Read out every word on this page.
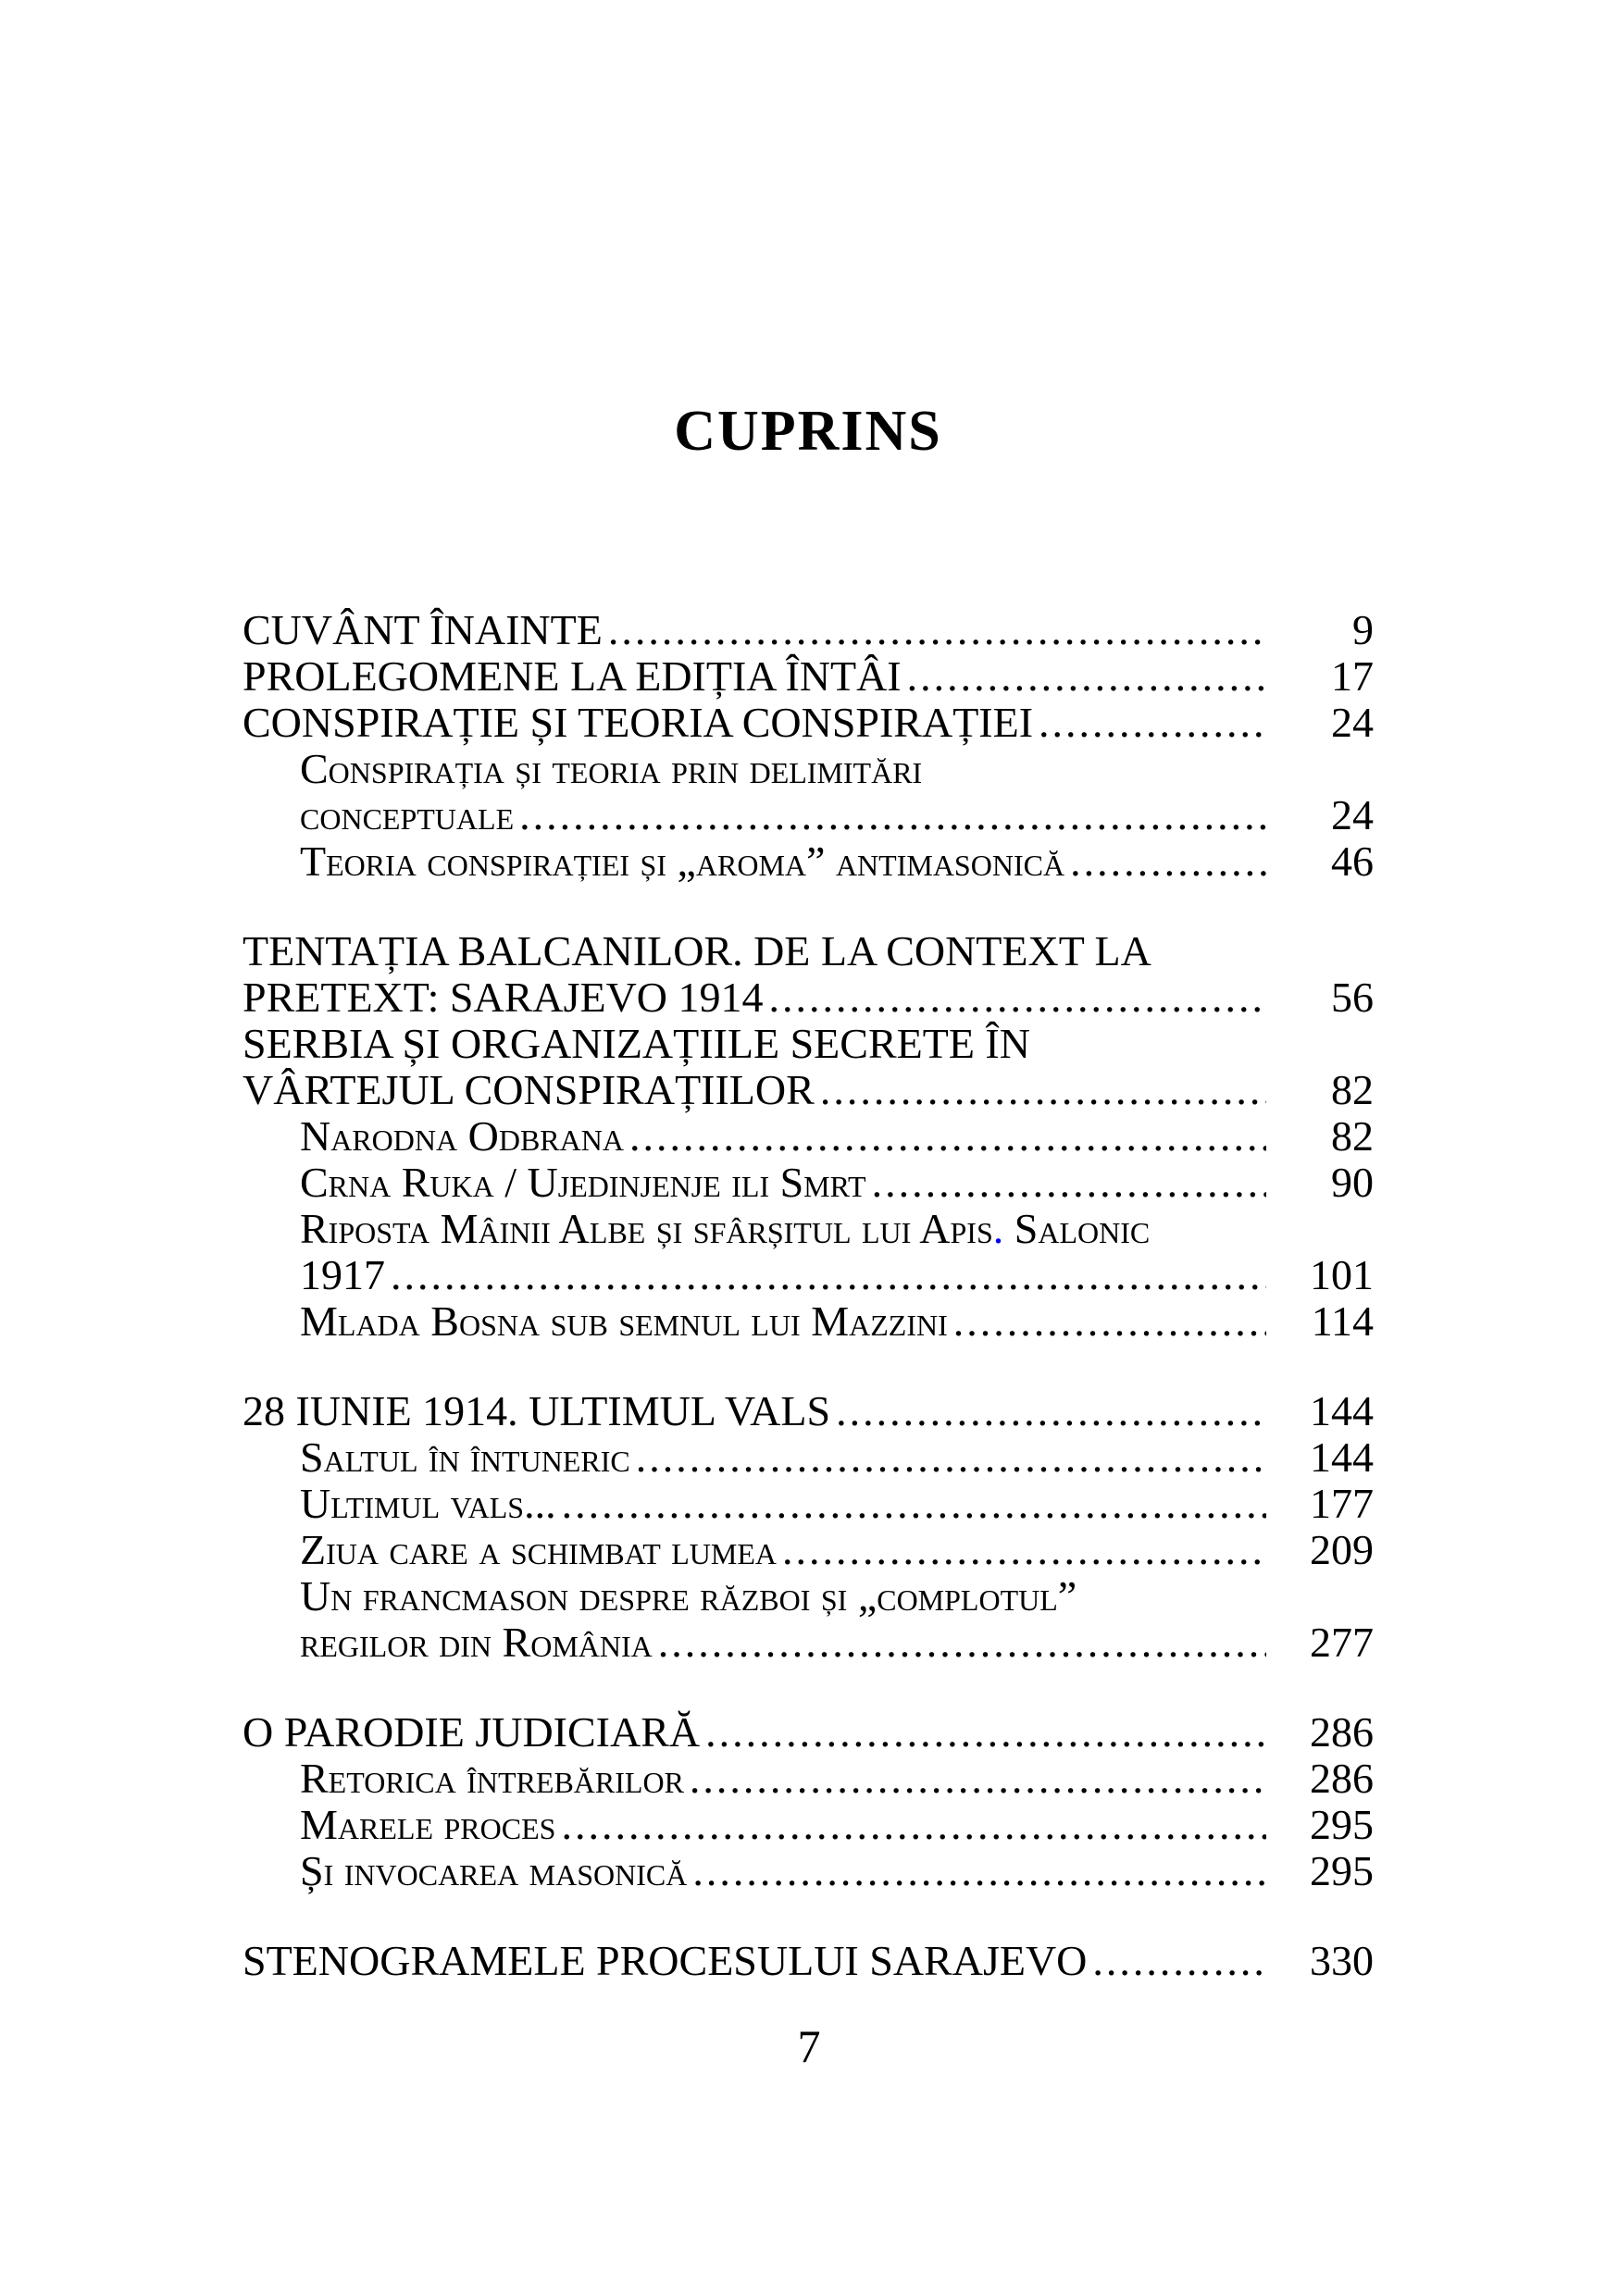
CUPRINS
CUVÂNT ÎNAINTE .....	9
PROLEGOMENE LA EDIȚIA ÎNTÂI .....	17
CONSPIRAȚIE ȘI TEORIA CONSPIRAȚIEI .....	24
Conspirația și teoria prin delimitări
conceptuale .....	24
Teoria conspirației și „aroma” antimasonică .....	46
TENTAȚIA BALCANILOR. DE LA CONTEXT LA
PRETEXT: SARAJEVO 1914 .....	56
SERBIA ȘI ORGANIZAȚIILE SECRETE ÎN
VÂRTEJUL CONSPIRAȚIILOR .....	82
Narodna Odbrana .....	82
Crna Ruka / Ujedinjenje ili Smrt .....	90
Riposta Mâinii Albe și sfârșitul lui Apis. Salonic
1917 .....	101
Mlada Bosna sub semnul lui Mazzini .....	114
28 IUNIE 1914. ULTIMUL VALS .....	144
Saltul în întuneric .....	144
Ultimul vals... .....	177
Ziua care a schimbat lumea .....	209
Un francmason despre război și „complotul”
regilor din România .....	277
O PARODIE JUDICIARĂ .....	286
Retorica întrebărilor .....	286
Marele proces .....	295
Și invocarea masonică .....	295
STENOGRAMELE PROCESULUI SARAJEVO .....	330
7
